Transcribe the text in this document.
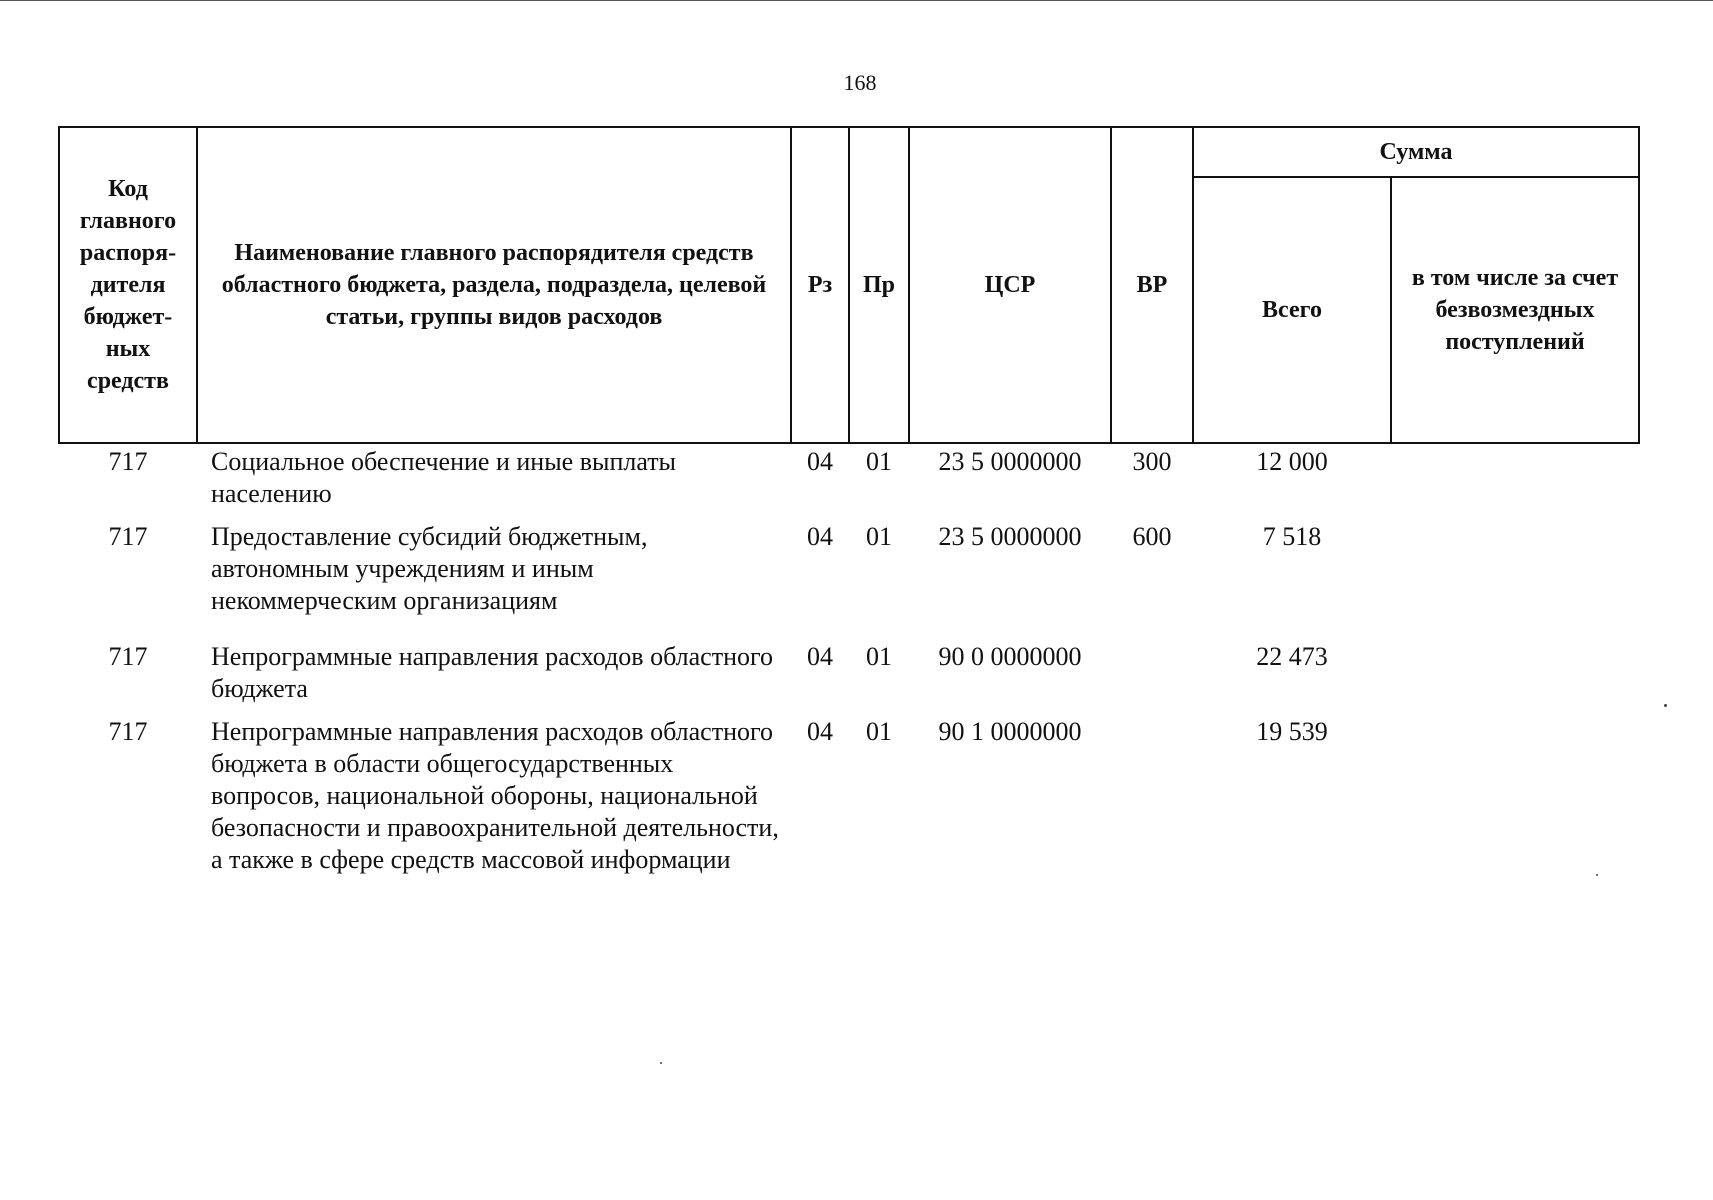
168
Код главного распоря-дителя бюджет-ных средств	Наименование главного распорядителя средств областного бюджета, раздела, подраздела, целевой статьи, группы видов расходов	Рз	Пр	ЦСР	ВР	Сумма	
						Всего	в том числе за счет безвозмездных поступлений
717	Социальное обеспечение и иные выплаты населению	04	01	23 5 0000000	300	12 000	
717	Предоставление субсидий бюджетным, автономным учреждениям и иным некоммерческим организациям	04	01	23 5 0000000	600	7 518	
717	Непрограммные направления расходов областного бюджета	04	01	90 0 0000000		22 473	
717	Непрограммные направления расходов областного бюджета в области общегосударственных вопросов, национальной обороны, национальной безопасности и правоохранительной деятельности, а также в сфере средств массовой информации	04	01	90 1 0000000		19 539	
